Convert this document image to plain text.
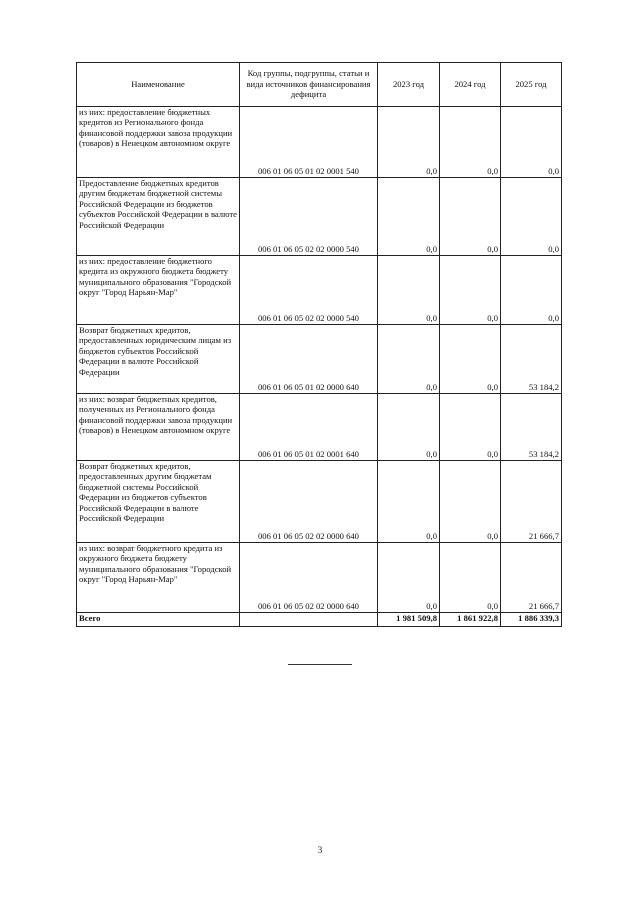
Наименование	Код группы, подгруппы, статьи и вида источников финансирования дефицита	2023 год	2024 год	2025 год
из них: предоставление бюджетных кредитов из Регионального фонда финансовой поддержки завоза продукции (товаров) в Ненецком автономном округе	006 01 06 05 01 02 0001 540	0,0	0,0	0,0
Предоставление бюджетных кредитов другим бюджетам бюджетной системы Российской Федерации из бюджетов субъектов Российской Федерации в валюте Российской Федерации	006 01 06 05 02 02 0000 540	0,0	0,0	0,0
из них: предоставление бюджетного кредита из окружного бюджета бюджету муниципального образования "Городской округ "Город Нарьян-Мар"	006 01 06 05 02 02 0000 540	0,0	0,0	0,0
Возврат бюджетных кредитов, предоставленных юридическим лицам из бюджетов субъектов Российской Федерации в валюте Российской Федерации	006 01 06 05 01 02 0000 640	0,0	0,0	53 184,2
из них: возврат бюджетных кредитов, полученных из Регионального фонда финансовой поддержки завоза продукции (товаров) в Ненецком автономном округе	006 01 06 05 01 02 0001 640	0,0	0,0	53 184,2
Возврат бюджетных кредитов, предоставленных другим бюджетам бюджетной системы Российской Федерации из бюджетов субъектов Российской Федерации в валюте Российской Федерации	006 01 06 05 02 02 0000 640	0,0	0,0	21 666,7
из них: возврат бюджетного кредита из окружного бюджета бюджету муниципального образования "Городской округ "Город Нарьян-Мар"	006 01 06 05 02 02 0000 640	0,0	0,0	21 666,7
Всего		1 981 509,8	1 861 922,8	1 886 339,3
3
